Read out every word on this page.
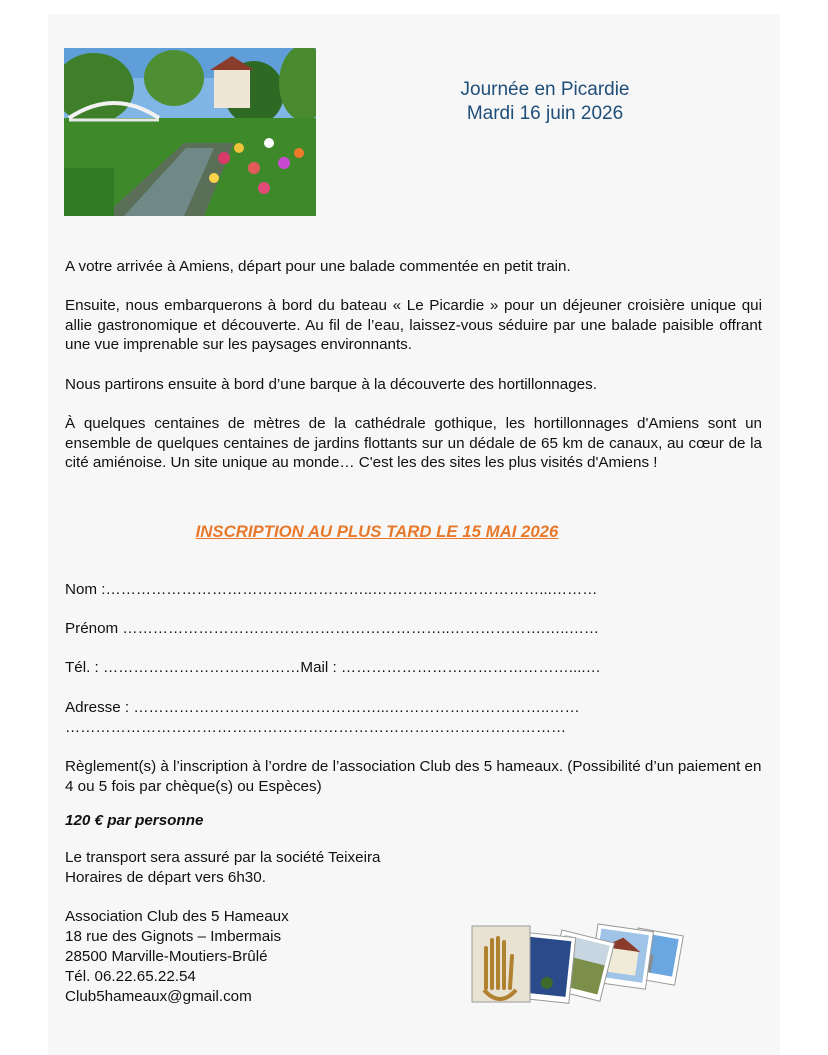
Journée en Picardie
Mardi 16 juin 2026

A votre arrivée à Amiens, départ pour une balade commentée en petit train.

Ensuite, nous embarquerons à bord du bateau « Le Picardie » pour un déjeuner croisière unique qui allie gastronomique et découverte. Au fil de l’eau, laissez-vous séduire par une balade paisible offrant une vue imprenable sur les paysages environnants.

Nous partirons ensuite à bord d’une barque à la découverte des hortillonnages.

À quelques centaines de mètres de la cathédrale gothique, les hortillonnages d'Amiens sont un ensemble de quelques centaines de jardins flottants sur un dédale de 65 km de canaux, au cœur de la cité amiénoise. Un site unique au monde… C'est les des sites les plus visités d'Amiens !

INSCRIPTION AU PLUS TARD LE 15 MAI 2026
Nom :……………………………………………..……………………………...………
Prénom ………………………………………………………..……………….…..……
Tél. : …………………………………Mail : ………………………………………....…
Adresse : …………………………………………...…………………………..……
………………………………………………………………………………………

Règlement(s) à l’inscription à l’ordre de l’association Club des 5 hameaux. (Possibilité d’un paiement en 4 ou 5 fois par chèque(s) ou Espèces)

120 € par personne
Le transport sera assuré par la société Teixeira
Horaires de départ vers 6h30.
Association Club des 5 Hameaux
18 rue des Gignots – Imbermais
28500 Marville-Moutiers-Brûlé
Tél. 06.22.65.22.54
Club5hameaux@gmail.com
